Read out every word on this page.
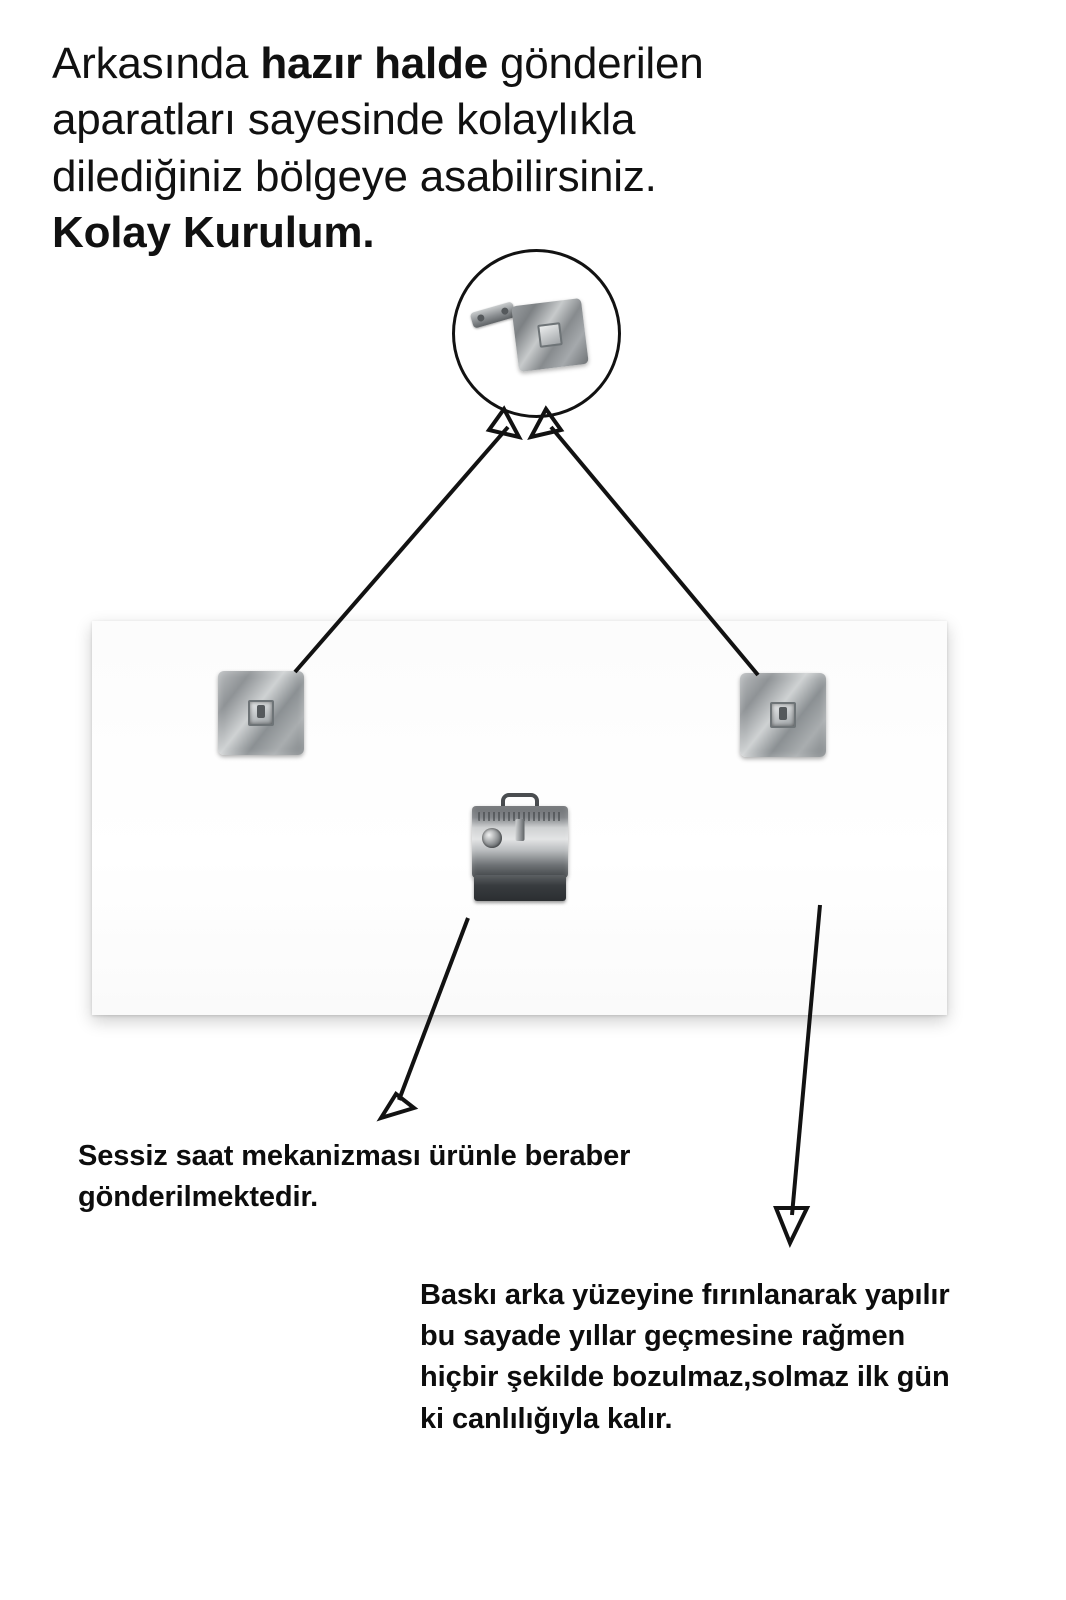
Arkasında hazır halde gönderilen
aparatları sayesinde kolaylıkla
dilediğiniz bölgeye asabilirsiniz.
Kolay Kurulum.
Sessiz saat mekanizması ürünle beraber gönderilmektedir.
Baskı arka yüzeyine fırınlanarak yapılır bu sayade yıllar geçmesine rağmen hiçbir şekilde bozulmaz,solmaz ilk gün ki canlılığıyla kalır.
